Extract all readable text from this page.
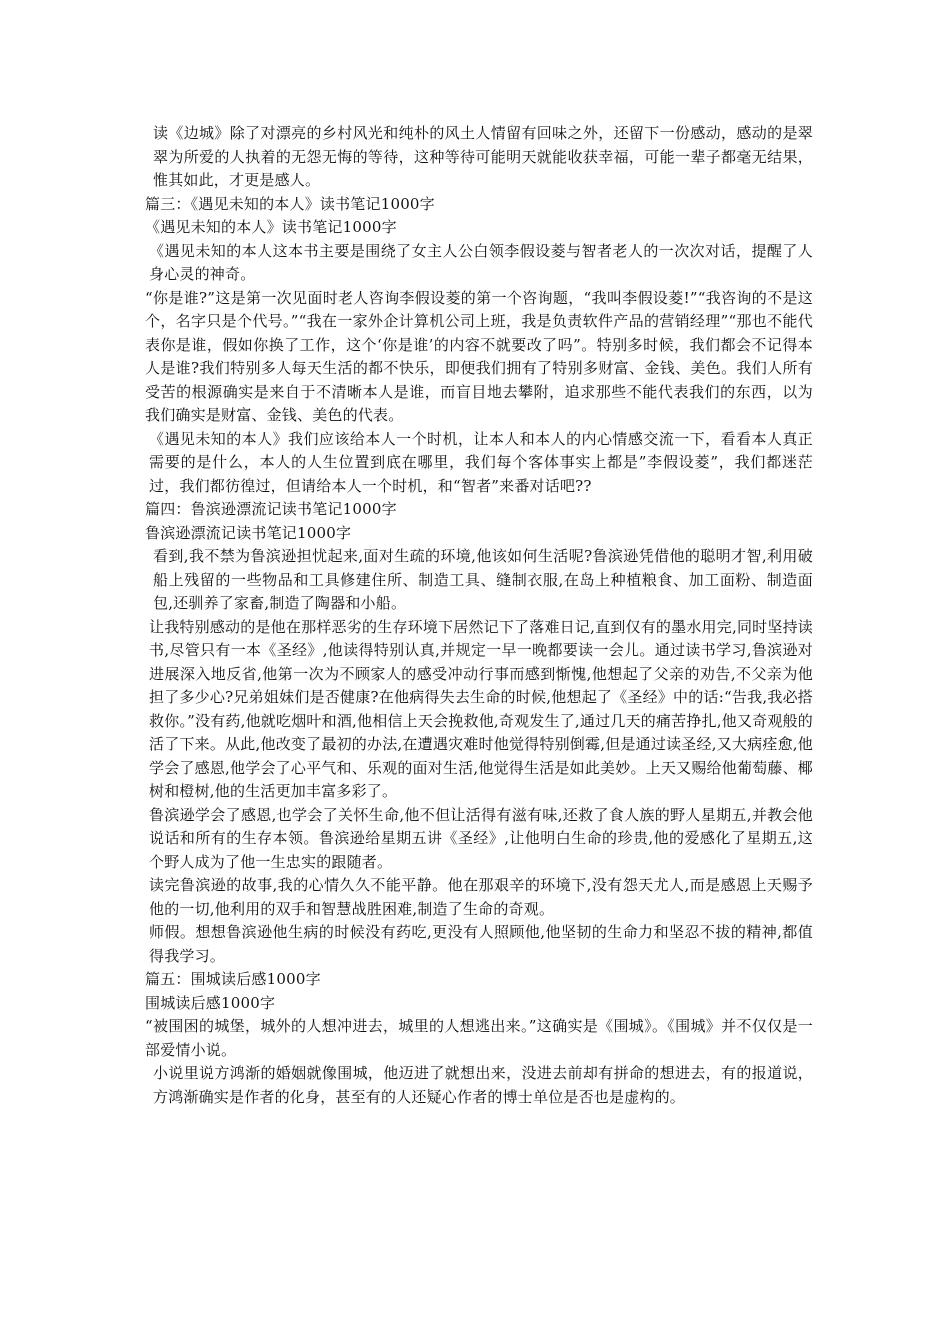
读《边城》除了对漂亮的乡村风光和纯朴的风土人情留有回味之外，还留下一份感动，感动的是翠翠为所爱的人执着的无怨无悔的等待，这种等待可能明天就能收获幸福，可能一辈子都毫无结果，惟其如此，才更是感人。

篇三：《遇见未知的本人》读书笔记1000字

《遇见未知的本人》读书笔记1000字

《遇见未知的本人这本书主要是围绕了女主人公白领李假设菱与智者老人的一次次对话，提醒了人身心灵的神奇。

“你是谁?”这是第一次见面时老人咨询李假设菱的第一个咨询题，“我叫李假设菱!”“我咨询的不是这个，名字只是个代号。”“我在一家外企计算机公司上班，我是负责软件产品的营销经理”“那也不能代表你是谁，假如你换了工作，这个‘你是谁’的内容不就要改了吗”。特别多时候，我们都会不记得本人是谁?我们特别多人每天生活的都不快乐，即便我们拥有了特别多财富、金钱、美色。我们人所有受苦的根源确实是来自于不清晰本人是谁，而盲目地去攀附，追求那些不能代表我们的东西，以为我们确实是财富、金钱、美色的代表。

《遇见未知的本人》我们应该给本人一个时机，让本人和本人的内心情感交流一下，看看本人真正需要的是什么，本人的人生位置到底在哪里，我们每个客体事实上都是”李假设菱”，我们都迷茫过，我们都彷徨过，但请给本人一个时机，和“智者”来番对话吧??

篇四：鲁滨逊漂流记读书笔记1000字

鲁滨逊漂流记读书笔记1000字

看到,我不禁为鲁滨逊担忧起来,面对生疏的环境,他该如何生活呢?鲁滨逊凭借他的聪明才智,利用破船上残留的一些物品和工具修建住所、制造工具、缝制衣服,在岛上种植粮食、加工面粉、制造面包,还驯养了家畜,制造了陶器和小船。

让我特别感动的是他在那样恶劣的生存环境下居然记下了落难日记,直到仅有的墨水用完,同时坚持读书,尽管只有一本《圣经》,他读得特别认真,并规定一早一晚都要读一会儿。通过读书学习,鲁滨逊对进展深入地反省,他第一次为不顾家人的感受冲动行事而感到惭愧,他想起了父亲的劝告,不父亲为他担了多少心?兄弟姐妹们是否健康?在他病得失去生命的时候,他想起了《圣经》中的话:“告我,我必搭救你。”没有药,他就吃烟叶和酒,他相信上天会挽救他,奇观发生了,通过几天的痛苦挣扎,他又奇观般的活了下来。从此,他改变了最初的办法,在遭遇灾难时他觉得特别倒霉,但是通过读圣经,又大病痊愈,他学会了感恩,他学会了心平气和、乐观的面对生活,他觉得生活是如此美妙。上天又赐给他葡萄藤、椰树和橙树,他的生活更加丰富多彩了。

鲁滨逊学会了感恩,也学会了关怀生命,他不但让活得有滋有味,还救了食人族的野人星期五,并教会他说话和所有的生存本领。鲁滨逊给星期五讲《圣经》,让他明白生命的珍贵,他的爱感化了星期五,这个野人成为了他一生忠实的跟随者。

读完鲁滨逊的故事,我的心情久久不能平静。他在那艰辛的环境下,没有怨天尤人,而是感恩上天赐予他的一切,他利用的双手和智慧战胜困难,制造了生命的奇观。

师假。想想鲁滨逊他生病的时候没有药吃,更没有人照顾他,他坚韧的生命力和坚忍不拔的精神,都值得我学习。

篇五：围城读后感1000字

围城读后感1000字

“被围困的城堡，城外的人想冲进去，城里的人想逃出来。”这确实是《围城》。《围城》并不仅仅是一部爱情小说。

小说里说方鸿渐的婚姻就像围城，他迈进了就想出来，没进去前却有拼命的想进去，有的报道说，方鸿渐确实是作者的化身，甚至有的人还疑心作者的博士单位是否也是虚构的。
